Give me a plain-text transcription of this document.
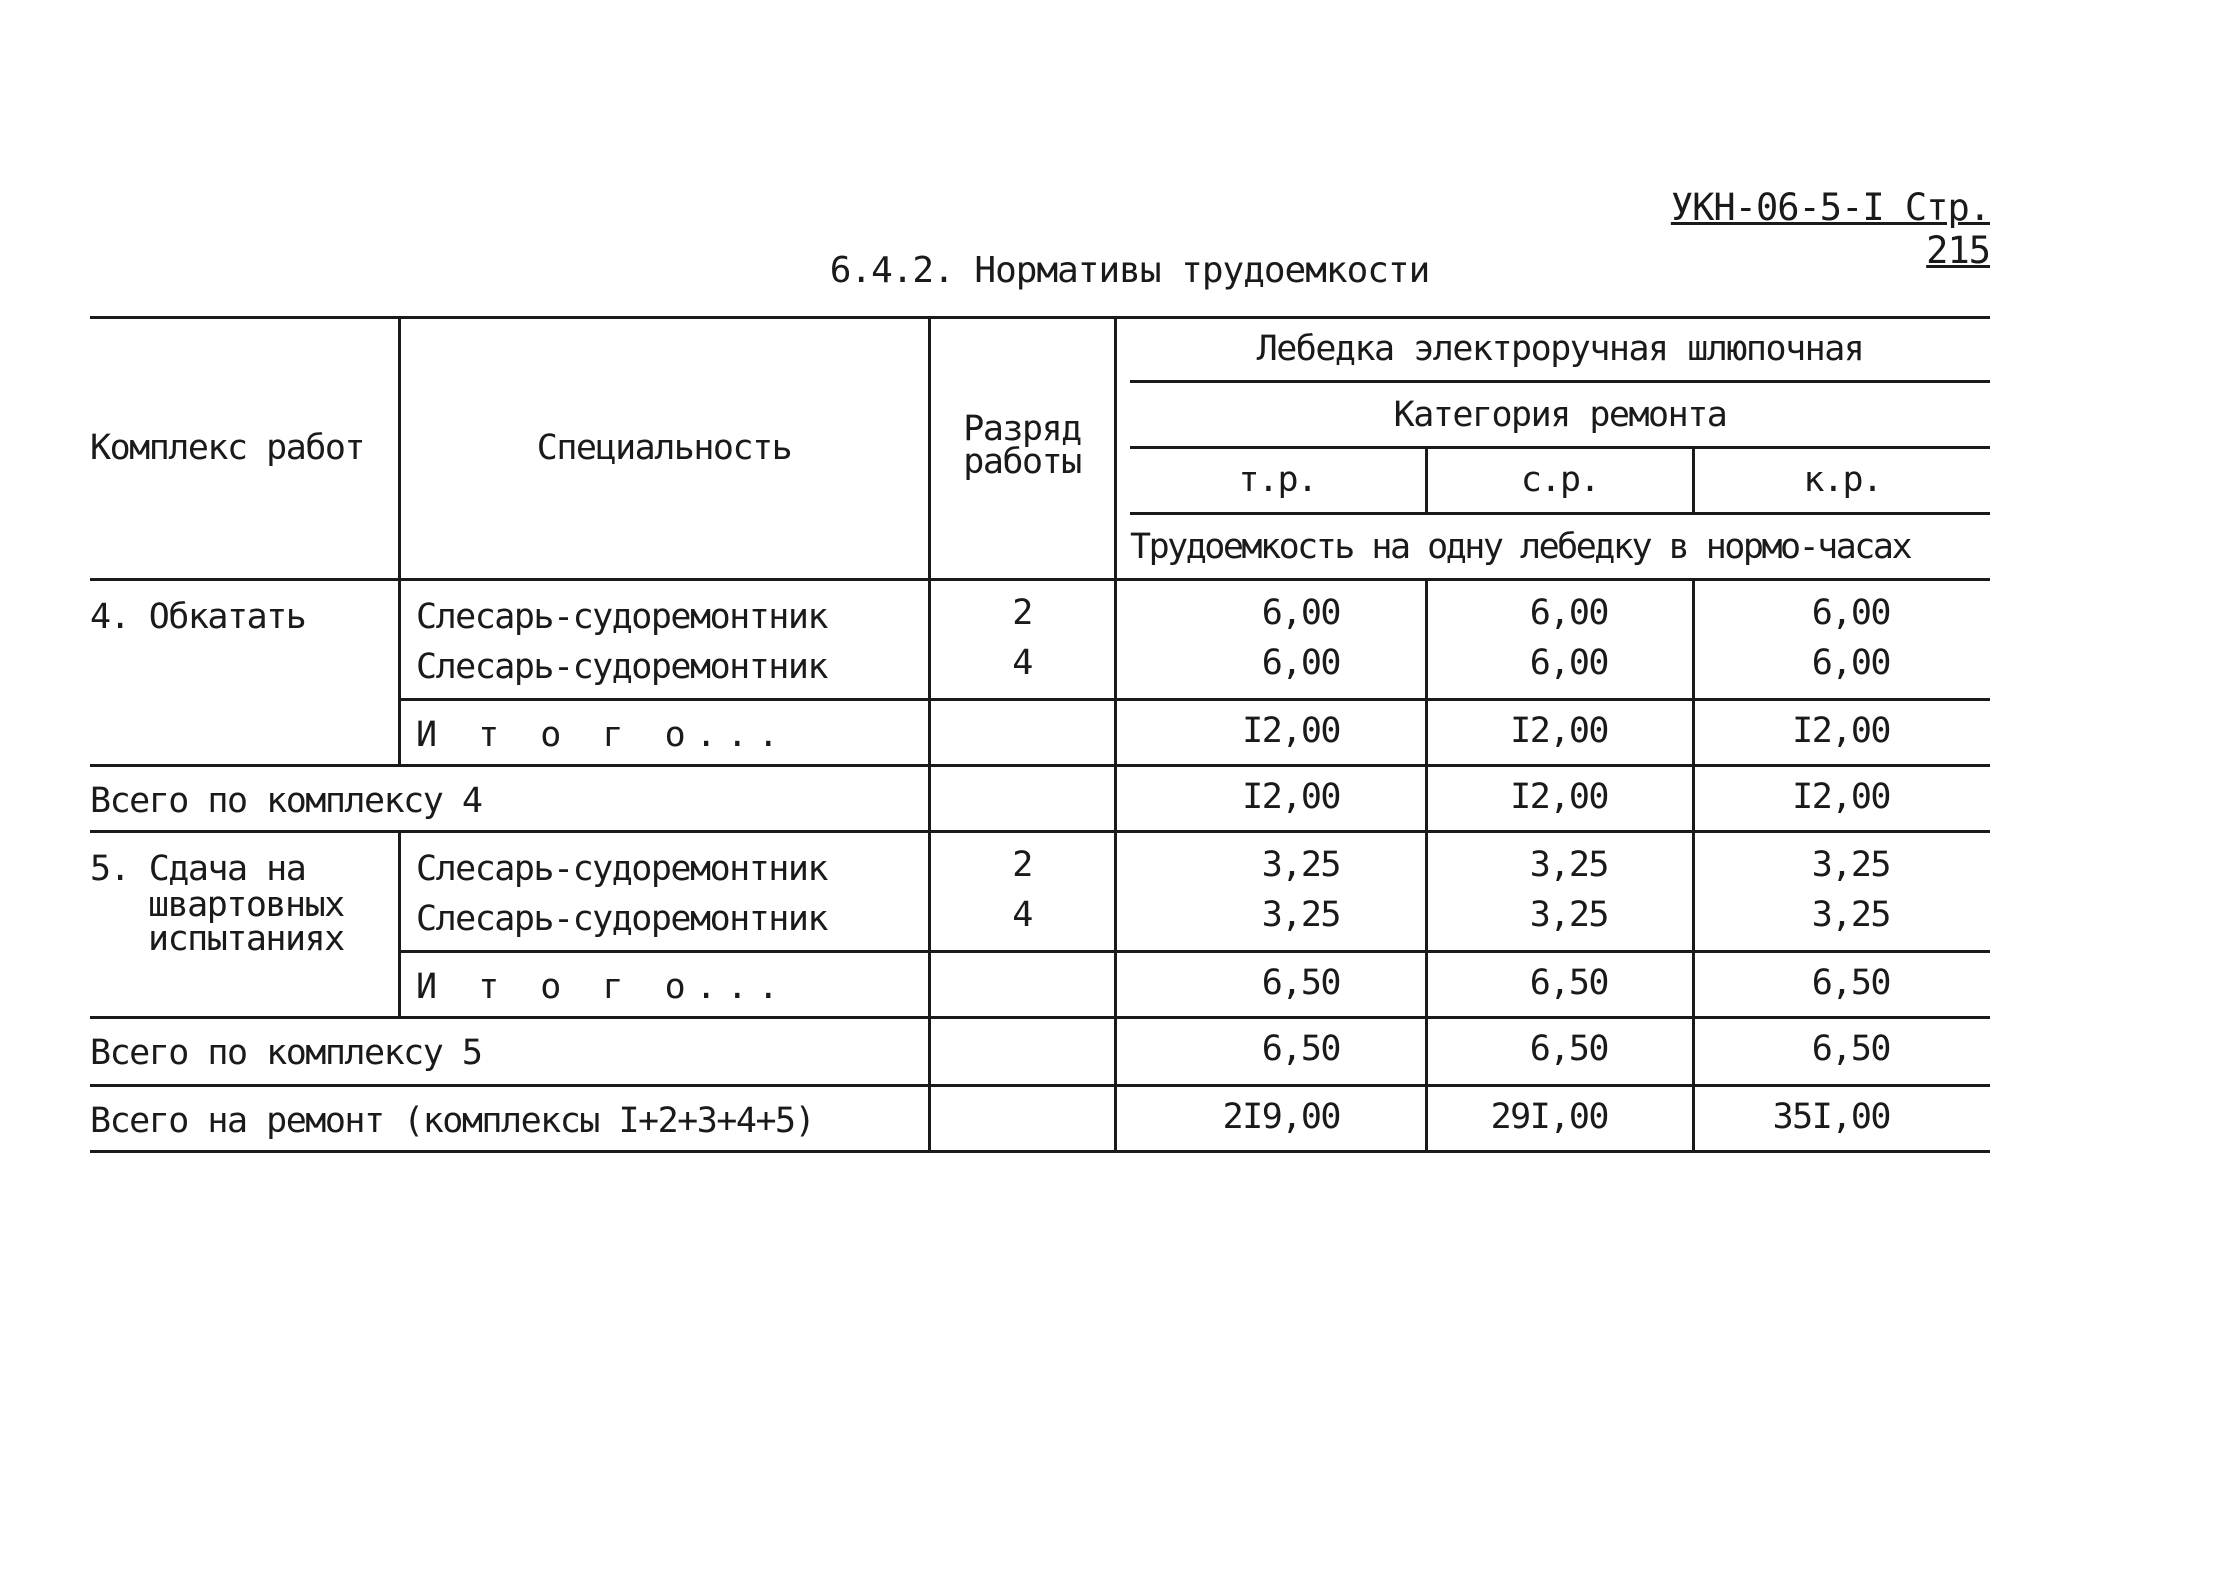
УКН-06-5-I Стр. 215
6.4.2. Нормативы трудоемкости
Комплекс работ	Специальность	Разряд
работы
Лебедка электроручная шлюпочная
Категория ремонта
т.р.	с.р.	к.р.
Трудоемкость на одну лебедку в нормо-часах
4. Обкатать	Слесарь-судоремонтник	2	6,00	6,00	6,00
Слесарь-судоремонтник	4	6,00	6,00	6,00
И т о г о...	I2,00	I2,00	I2,00
Всего по комплексу 4	I2,00	I2,00	I2,00
5. Сдача на
швартовных
испытаниях
Слесарь-судоремонтник	2	3,25	3,25	3,25
Слесарь-судоремонтник	4	3,25	3,25	3,25
И т о г о...	6,50	6,50	6,50
Всего по комплексу 5	6,50	6,50	6,50
Всего на ремонт (комплексы I+2+3+4+5)	2I9,00	29I,00	35I,00
